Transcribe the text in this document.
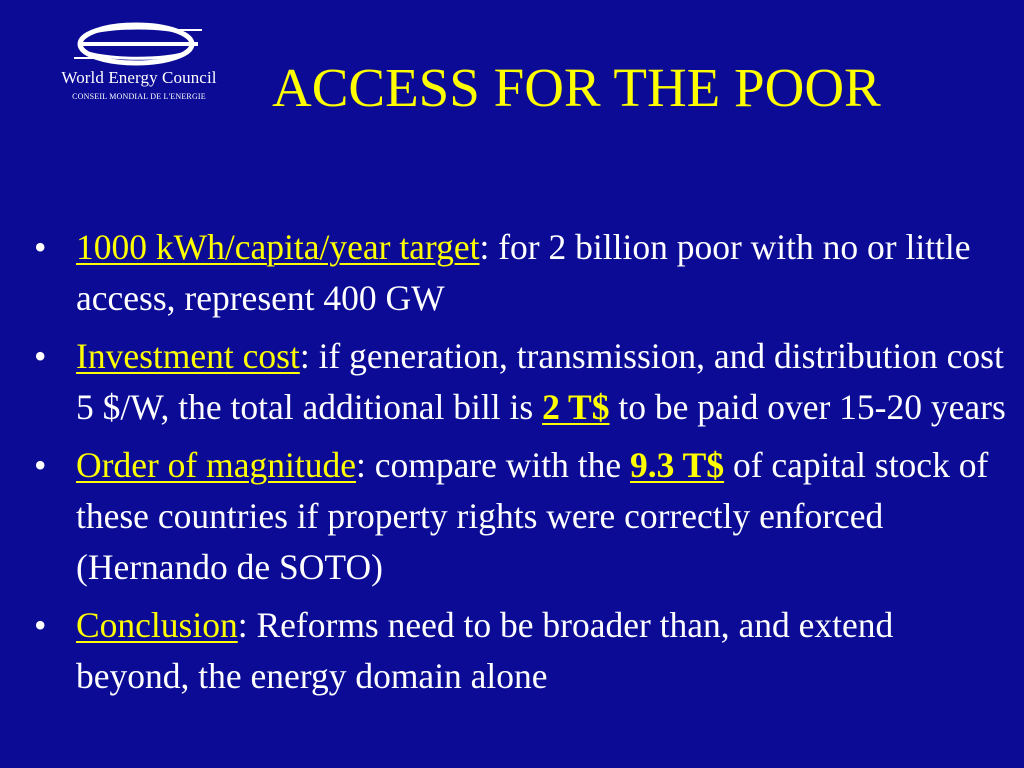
World Energy Council
CONSEIL MONDIAL DE L'ENERGIE	ACCESS FOR THE POOR
• 1000 kWh/capita/year target: for 2 billion poor with no or little access, represent 400 GW
• Investment cost: if generation, transmission, and distribution cost 5 $/W, the total additional bill is 2 T$ to be paid over 15-20 years
• Order of magnitude: compare with the 9.3 T$ of capital stock of these countries if property rights were correctly enforced (Hernando de SOTO)
• Conclusion: Reforms need to be broader than, and extend beyond, the energy domain alone
